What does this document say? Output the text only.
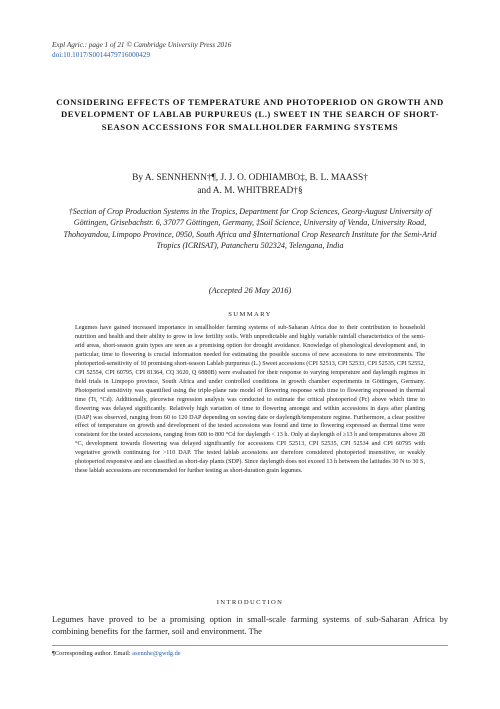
Expl Agric.: page 1 of 21 © Cambridge University Press 2016
doi:10.1017/S0014479716000429
CONSIDERING EFFECTS OF TEMPERATURE AND PHOTOPERIOD ON GROWTH AND DEVELOPMENT OF LABLAB PURPUREUS (L.) SWEET IN THE SEARCH OF SHORT-SEASON ACCESSIONS FOR SMALLHOLDER FARMING SYSTEMS
By A. SENNHENN†¶, J. J. O. ODHIAMBO‡, B. L. MAASS†
and A. M. WHITBREAD†§
†Section of Crop Production Systems in the Tropics, Department for Crop Sciences, Georg-August University of Göttingen, Grisebachstr. 6, 37077 Göttingen, Germany, ‡Soil Science, University of Venda, University Road, Thohoyandou, Limpopo Province, 0950, South Africa and §International Crop Research Institute for the Semi-Arid Tropics (ICRISAT), Patancheru 502324, Telengana, India
(Accepted 26 May 2016)
SUMMARY
Legumes have gained increased importance in smallholder farming systems of sub-Saharan Africa due to their contribution to household nutrition and health and their ability to grow in low fertility soils. With unpredictable and highly variable rainfall characteristics of the semi-arid areas, short-season grain types are seen as a promising option for drought avoidance. Knowledge of phenological development and, in particular, time to flowering is crucial information needed for estimating the possible success of new accessions to new environments. The photoperiod-sensitivity of 10 promising short-season Lablab purpureus (L.) Sweet accessions (CPI 52513, CPI 52533, CPI 52535, CPI 52552, CPI 52554, CPI 60795, CPI 81364, CQ 3620, Q 6880B) were evaluated for their response to varying temperature and daylength regimes in field trials in Limpopo province, South Africa and under controlled conditions in growth chamber experiments in Göttingen, Germany. Photoperiod sensitivity was quantified using the triple-plane rate model of flowering response with time to flowering expressed in thermal time (Tt, °Cd). Additionally, piecewise regression analysis was conducted to estimate the critical photoperiod (Pc) above which time to flowering was delayed significantly. Relatively high variation of time to flowering amongst and within accessions in days after planting (DAP) was observed, ranging from 60 to 120 DAP depending on sowing date or daylength/temperature regime. Furthermore, a clear positive effect of temperature on growth and development of the tested accessions was found and time to flowering expressed as thermal time were consistent for the tested accessions, ranging from 600 to 800 °Cd for daylength < 13 h. Only at daylength of ≥13 h and temperatures above 28 °C, development towards flowering was delayed significantly for accessions CPI 52513, CPI 52535, CPI 52534 and CPI 60795 with vegetative growth continuing for >110 DAP. The tested lablab accessions are therefore considered photoperiod insensitive, or weakly photoperiod responsive and are classified as short-day plants (SDP). Since daylength does not exceed 13 h between the latitudes 30 N to 30 S, these lablab accessions are recommended for further testing as short-duration grain legumes.
INTRODUCTION
Legumes have proved to be a promising option in small-scale farming systems of sub-Saharan Africa by combining benefits for the farmer, soil and environment. The
¶Corresponding author. Email: asennhe@gwdg.de
